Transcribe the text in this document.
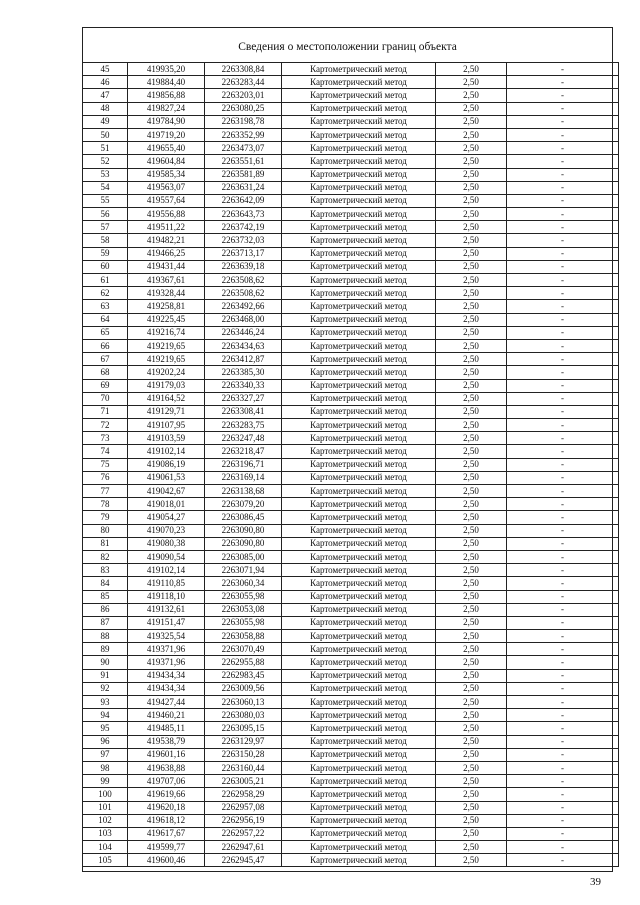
Сведения о местоположении границ объекта
45	419935,20	2263308,84	Картометрический метод	2,50	-
46	419884,40	2263283,44	Картометрический метод	2,50	-
47	419856,88	2263203,01	Картометрический метод	2,50	-
48	419827,24	2263080,25	Картометрический метод	2,50	-
49	419784,90	2263198,78	Картометрический метод	2,50	-
50	419719,20	2263352,99	Картометрический метод	2,50	-
51	419655,40	2263473,07	Картометрический метод	2,50	-
52	419604,84	2263551,61	Картометрический метод	2,50	-
53	419585,34	2263581,89	Картометрический метод	2,50	-
54	419563,07	2263631,24	Картометрический метод	2,50	-
55	419557,64	2263642,09	Картометрический метод	2,50	-
56	419556,88	2263643,73	Картометрический метод	2,50	-
57	419511,22	2263742,19	Картометрический метод	2,50	-
58	419482,21	2263732,03	Картометрический метод	2,50	-
59	419466,25	2263713,17	Картометрический метод	2,50	-
60	419431,44	2263639,18	Картометрический метод	2,50	-
61	419367,61	2263508,62	Картометрический метод	2,50	-
62	419328,44	2263508,62	Картометрический метод	2,50	-
63	419258,81	2263492,66	Картометрический метод	2,50	-
64	419225,45	2263468,00	Картометрический метод	2,50	-
65	419216,74	2263446,24	Картометрический метод	2,50	-
66	419219,65	2263434,63	Картометрический метод	2,50	-
67	419219,65	2263412,87	Картометрический метод	2,50	-
68	419202,24	2263385,30	Картометрический метод	2,50	-
69	419179,03	2263340,33	Картометрический метод	2,50	-
70	419164,52	2263327,27	Картометрический метод	2,50	-
71	419129,71	2263308,41	Картометрический метод	2,50	-
72	419107,95	2263283,75	Картометрический метод	2,50	-
73	419103,59	2263247,48	Картометрический метод	2,50	-
74	419102,14	2263218,47	Картометрический метод	2,50	-
75	419086,19	2263196,71	Картометрический метод	2,50	-
76	419061,53	2263169,14	Картометрический метод	2,50	-
77	419042,67	2263138,68	Картометрический метод	2,50	-
78	419018,01	2263079,20	Картометрический метод	2,50	-
79	419054,27	2263086,45	Картометрический метод	2,50	-
80	419070,23	2263090,80	Картометрический метод	2,50	-
81	419080,38	2263090,80	Картометрический метод	2,50	-
82	419090,54	2263085,00	Картометрический метод	2,50	-
83	419102,14	2263071,94	Картометрический метод	2,50	-
84	419110,85	2263060,34	Картометрический метод	2,50	-
85	419118,10	2263055,98	Картометрический метод	2,50	-
86	419132,61	2263053,08	Картометрический метод	2,50	-
87	419151,47	2263055,98	Картометрический метод	2,50	-
88	419325,54	2263058,88	Картометрический метод	2,50	-
89	419371,96	2263070,49	Картометрический метод	2,50	-
90	419371,96	2262955,88	Картометрический метод	2,50	-
91	419434,34	2262983,45	Картометрический метод	2,50	-
92	419434,34	2263009,56	Картометрический метод	2,50	-
93	419427,44	2263060,13	Картометрический метод	2,50	-
94	419460,21	2263080,03	Картометрический метод	2,50	-
95	419485,11	2263095,15	Картометрический метод	2,50	-
96	419538,79	2263129,97	Картометрический метод	2,50	-
97	419601,16	2263150,28	Картометрический метод	2,50	-
98	419638,88	2263160,44	Картометрический метод	2,50	-
99	419707,06	2263005,21	Картометрический метод	2,50	-
100	419619,66	2262958,29	Картометрический метод	2,50	-
101	419620,18	2262957,08	Картометрический метод	2,50	-
102	419618,12	2262956,19	Картометрический метод	2,50	-
103	419617,67	2262957,22	Картометрический метод	2,50	-
104	419599,77	2262947,61	Картометрический метод	2,50	-
105	419600,46	2262945,47	Картометрический метод	2,50	-
39
